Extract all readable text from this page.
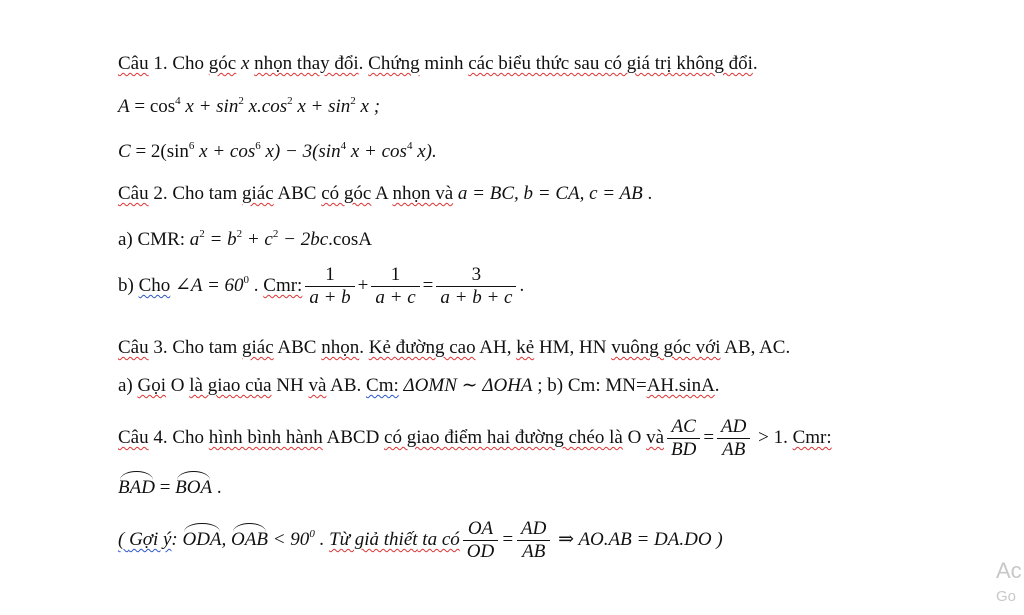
Câu 1. Cho góc x nhọn thay đổi. Chứng minh các biểu thức sau có giá trị không đổi.
$A = \cos^4 x + \sin^2 x.\cos^2$ $x + \sin^2 x$ ;
$C = 2(\sin^6$ $x + \cos^6 x) - 3(\sin^4$ $x + \cos^4 x$).
Câu 2. Cho tam giác ABC có góc A nhọn và a = BC, b = CA, c = AB .
a) CMR: $a^2 = b^2 + c^2 - 2bc.\cos A$
b) Cho ∠A = $60^0$ . Cmr: $\frac{1}{a + b} + \frac{1}{a + c} = \frac{3}{a + b + c}$ .
Câu 3. Cho tam giác ABC nhọn. Kẻ đường cao AH, kẻ HM, HN vuông góc với AB, AC.
a) Gọi O là giao của NH và AB. Cm: ΔOMN ∼ ΔOHA ; b) Cm: MN=AH.sinA.
Câu 4. Cho hình bình hành ABCD có giao điểm hai đường chéo là O và $\frac{AC}{BD} = \frac{AD}{AB} > 1$. Cmr:
BAD = BOA .
( Gợi ý: ODA, OAB < $90^0$ . Từ giả thiết ta có $\frac{OA}{OD} = \frac{AD}{AB}$ ⇒ AO.AB = DA.DO )
Ac
Go
